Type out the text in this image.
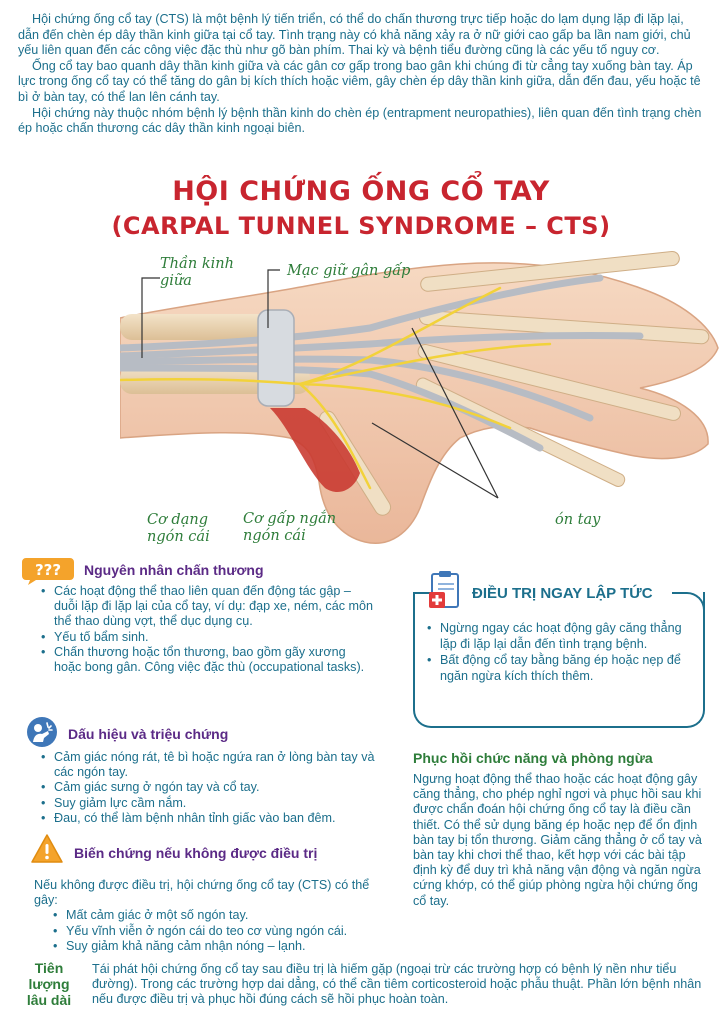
Hội chứng ống cổ tay (CTS) là một bệnh lý tiến triển, có thể do chấn thương trực tiếp hoặc do lạm dụng lặp đi lặp lại, dẫn đến chèn ép dây thần kinh giữa tại cổ tay. Tình trạng này có khả năng xảy ra ở nữ giới cao gấp ba lần nam giới, chủ yếu liên quan đến các công việc đặc thù như gõ bàn phím. Thai kỳ và bệnh tiểu đường cũng là các yếu tố nguy cơ.

Ống cổ tay bao quanh dây thần kinh giữa và các gân cơ gấp trong bao gân khi chúng đi từ cẳng tay xuống bàn tay. Áp lực trong ống cổ tay có thể tăng do gân bị kích thích hoặc viêm, gây chèn ép dây thần kinh giữa, dẫn đến đau, yếu hoặc tê bì ở bàn tay, có thể lan lên cánh tay.

Hội chứng này thuộc nhóm bệnh lý bệnh thần kinh do chèn ép (entrapment neuropathies), liên quan đến tình trạng chèn ép hoặc chấn thương các dây thần kinh ngoại biên.

HỘI CHỨNG ỐNG CỔ TAY
(CARPAL TUNNEL SYNDROME – CTS)
Thần kinh
giữa
Mạc giữ gân gấp
Cơ dạng
ngón cái
Cơ gấp ngắn
ngón cái
ón tay
??? Nguyên nhân chấn thương
• Các hoạt động thể thao liên quan đến động tác gập – duỗi lặp đi lặp lại của cổ tay, ví dụ: đạp xe, ném, các môn thể thao dùng vợt, thể dục dụng cụ.
• Yếu tố bẩm sinh.
• Chấn thương hoặc tổn thương, bao gồm gãy xương hoặc bong gân. Công việc đặc thù (occupational tasks).
Dấu hiệu và triệu chứng
• Cảm giác nóng rát, tê bì hoặc ngứa ran ở lòng bàn tay và các ngón tay.
• Cảm giác sưng ở ngón tay và cổ tay.
• Suy giảm lực cầm nắm.
• Đau, có thể làm bệnh nhân tỉnh giấc vào ban đêm.
Biến chứng nếu không được điều trị
Nếu không được điều trị, hội chứng ống cổ tay (CTS) có thể gây:
• Mất cảm giác ở một số ngón tay.
• Yếu vĩnh viễn ở ngón cái do teo cơ vùng ngón cái.
• Suy giảm khả năng cảm nhận nóng – lạnh.
ĐIỀU TRỊ NGAY LẬP TỨC
• Ngừng ngay các hoạt động gây căng thẳng lặp đi lặp lại dẫn đến tình trạng bệnh.
• Bất động cổ tay bằng băng ép hoặc nẹp để ngăn ngừa kích thích thêm.
Phục hồi chức năng và phòng ngừa
Ngưng hoạt động thể thao hoặc các hoạt động gây căng thẳng, cho phép nghỉ ngơi và phục hồi sau khi được chẩn đoán hội chứng ống cổ tay là điều cần thiết. Có thể sử dụng băng ép hoặc nẹp để ổn định bàn tay bị tổn thương. Giảm căng thẳng ở cổ tay và bàn tay khi chơi thể thao, kết hợp với các bài tập định kỳ để duy trì khả năng vận động và ngăn ngừa cứng khớp, có thể giúp phòng ngừa hội chứng ống cổ tay.
Tiên
lượng
lâu dài
Tái phát hội chứng ống cổ tay sau điều trị là hiếm gặp (ngoại trừ các trường hợp có bệnh lý nền như tiểu đường). Trong các trường hợp dai dẳng, có thể cần tiêm corticosteroid hoặc phẫu thuật. Phần lớn bệnh nhân nếu được điều trị và phục hồi đúng cách sẽ hồi phục hoàn toàn.
